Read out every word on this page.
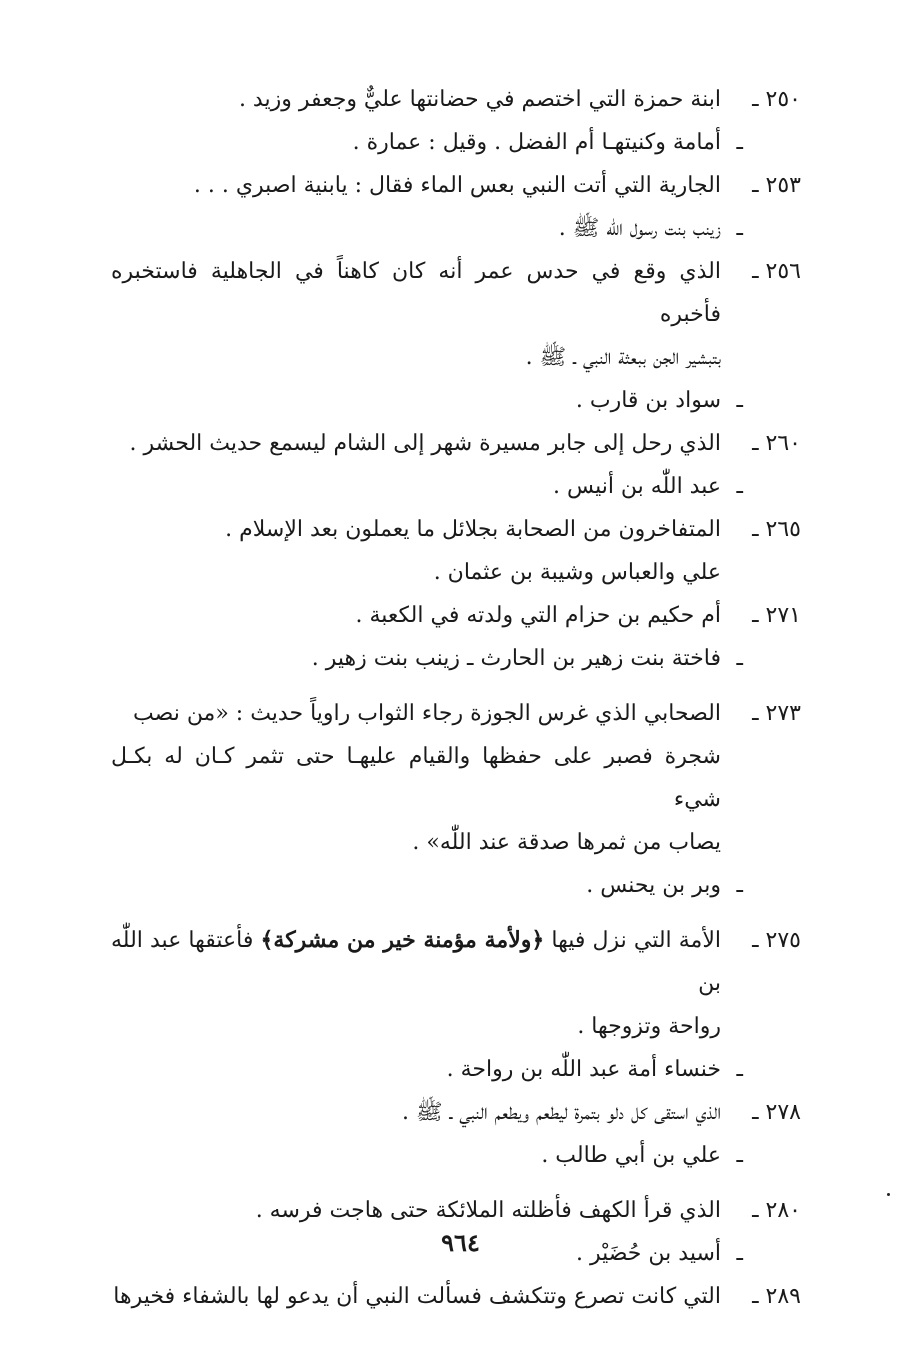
٢٥٠ ـ
ابنة حمزة التي اختصم في حضانتها عليٌّ وجعفر وزيد .
ـ
أمامة وكنيتهـا أم الفضل . وقيل : عمارة .
٢٥٣ ـ
الجارية التي أتت النبي بعس الماء فقال : يابنية اصبري . . .
ـ
زينب بنت رسول اللّٰه ﷺ .
٢٥٦ ـ
الذي وقع في حدس عمر أنه كان كاهناً في الجاهلية فاستخبره فأخبره
بتبشير الجن ببعثة النبي ـ ﷺ .
ـ
سواد بن قارب .
٢٦٠ ـ
الذي رحل إلى جابر مسيرة شهر إلى الشام ليسمع حديث الحشر .
ـ
عبد اللّٰه بن أنيس .
٢٦٥ ـ
المتفاخرون من الصحابة بجلائل ما يعملون بعد الإسلام .
علي والعباس وشيبة بن عثمان .
٢٧١ ـ
أم حكيم بن حزام التي ولدته في الكعبة .
ـ
فاختة بنت زهير بن الحارث ـ زينب بنت زهير .
٢٧٣ ـ
الصحابي الذي غرس الجوزة رجاء الثواب راوياً حديث : «من نصب
شجرة فصبر على حفظها والقيام عليهـا حتى تثمر كـان له بكـل شيء
يصاب من ثمرها صدقة عند اللّٰه» .
ـ
وبر بن يحنس .
٢٧٥ ـ
الأمة التي نزل فيها ﴿ولأمة مؤمنة خير من مشركة﴾ فأعتقها عبد اللّٰه بن
رواحة وتزوجها .
ـ
خنساء أمة عبد اللّٰه بن رواحة .
٢٧٨ ـ
الذي استقى كل دلو بتمرة ليطعم ويطعم النبي ـ ﷺ .
ـ
علي بن أبي طالب .
٢٨٠ ـ
الذي قرأ الكهف فأظلته الملائكة حتى هاجت فرسه .
ـ
أسيد بن حُضَيْر .
٢٨٩ ـ
التي كانت تصرع وتتكشف فسألت النبي أن يدعو لها بالشفاء فخيرها
٩٦٤
